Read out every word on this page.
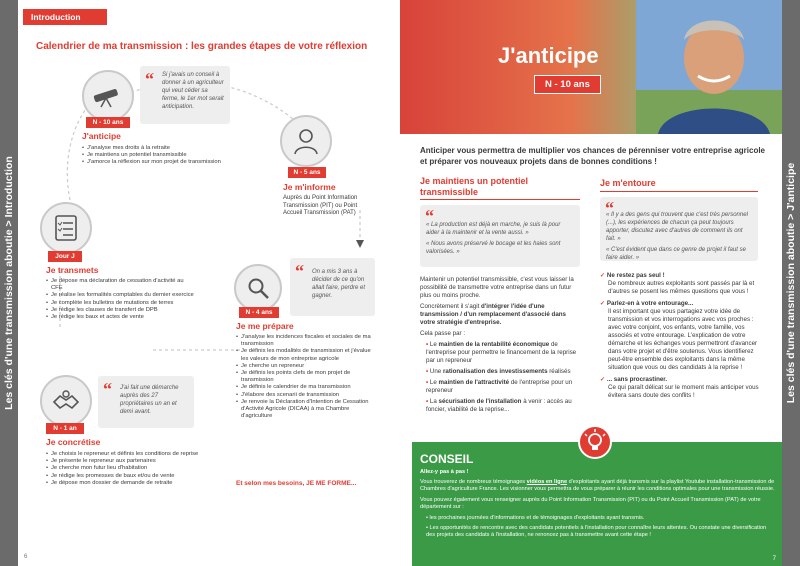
Les clés d'une transmission aboutie > Introduction
Introduction
Calendrier de ma transmission : les grandes étapes de votre réflexion
N - 10 ans
J'anticipe
• J'analyse mes droits à la retraite
• Je maintiens un potentiel transmissible
• J'amorce la réflexion sur mon projet de transmission
“ Si j'avais un conseil à donner à un agriculteur qui veut céder sa ferme, le 1er mot serait anticipation.
N - 5 ans
Je m'informe
Auprès du Point Information Transmission (PIT) ou Point Accueil Transmission (PAT)
N - 4 ans
Je me prépare
• J'analyse les incidences fiscales et sociales de ma transmission
• Je définis les modalités de transmission et j'évalue les valeurs de mon entreprise agricole
• Je cherche un repreneur
• Je définis les points clefs de mon projet de transmission
• Je définis le calendrier de ma transmission
• J'élabore des scenarii de transmission
• Je renvoie la Déclaration d'Intention de Cessation d'Activité Agricole (DICAA) à ma Chambre d'agriculture
“ On a mis 3 ans à décider de ce qu'on allait faire, perdre et gagner.
Et selon mes besoins, JE ME FORME...
Jour J
Je transmets
• Je dépose ma déclaration de cessation d'activité au CFE
• Je réalise les formalités comptables du dernier exercice
• Je complète les bulletins de mutations de terres
• Je rédige les clauses de transfert de DPB
• Je rédige les baux et actes de vente
N - 1 an
Je concrétise
• Je choisis le repreneur et définis les conditions de reprise
• Je présente le repreneur aux partenaires
• Je cherche mon futur lieu d'habitation
• Je rédige les promesses de baux et/ou de vente
• Je dépose mon dossier de demande de retraite
“ J'ai fait une démarche auprès des 27 propriétaires un an et demi avant.
6
J'anticipe
N - 10 ans
Les clés d'une transmission aboutie > J'anticipe
Anticiper vous permettra de multiplier vos chances de pérenniser votre entreprise agricole et préparer vos nouveaux projets dans de bonnes conditions !
Je maintiens un potentiel transmissible
“
« La production est déjà en marche, je suis là pour aider à la maintenir et la vente aussi. »
« Nous avons préservé le bocage et les haies sont valorisées. »

Maintenir un potentiel transmissible, c'est vous laisser la possibilité de transmettre votre entreprise dans un futur plus ou moins proche.

Concrètement il s'agit d'intégrer l'idée d'une transmission / d'un remplacement d'associé dans votre stratégie d'entreprise.

Cela passe par :

• Le maintien de la rentabilité économique de l'entreprise pour permettre le financement de la reprise par un repreneur

• Une rationalisation des investissements réalisés

• Le maintien de l'attractivité de l'entreprise pour un repreneur

• La sécurisation de l'installation à venir : accès au foncier, viabilité de la reprise...

Je m'entoure
“
« Il y a des gens qui trouvent que c'est très personnel (...), les expériences de chacun ça peut toujours apporter, discutez avec d'autres de comment ils ont fait. »
« C'est évident que dans ce genre de projet il faut se faire aider. »

✓ Ne restez pas seul !

De nombreux autres exploitants sont passés par là et d'autres se posent les mêmes questions que vous !

✓ Parlez-en à votre entourage...

Il est important que vous partagiez votre idée de transmission et vos interrogations avec vos proches : avec votre conjoint, vos enfants, votre famille, vos associés et votre entourage. L'explication de votre démarche et les échanges vous permettront d'avancer dans votre projet et d'être soutenus. Vous identifierez peut-être ensemble des exploitants dans la même situation que vous ou des candidats à la reprise !

✓ ... sans procrastiner.

Ce qui paraît délicat sur le moment mais anticiper vous évitera sans doute des conflits !

CONSEIL

Allez-y pas à pas !

Vous trouverez de nombreux témoignages vidéos en ligne d'exploitants ayant déjà transmis sur la playlist Youtube installation-transmission de Chambres d'agriculture France. Les visionner vous permettra de vous préparer à réunir les conditions optimales pour une transmission réussie.

Vous pouvez également vous renseigner auprès du Point Information Transmission (PIT) ou du Point Accueil Transmission (PAT) de votre département sur :

• les prochaines journées d'informations et de témoignages d'exploitants ayant transmis.

• Les opportunités de rencontre avec des candidats potentiels à l'installation pour connaître leurs attentes. Ou constate une diversification des projets des candidats à l'installation, ne renoncez pas à transmettre avant cette étape !

7
